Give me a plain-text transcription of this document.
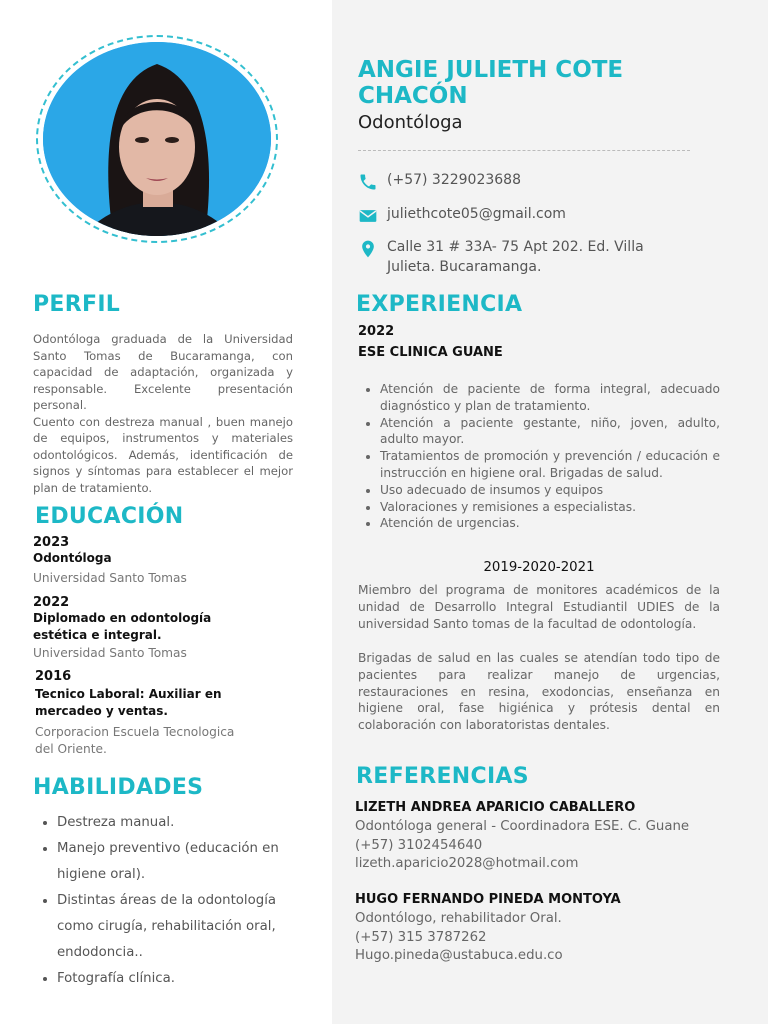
ANGIE JULIETH COTE CHACÓN
Odontóloga
(+57) 3229023688
juliethcote05@gmail.com
Calle 31 # 33A- 75 Apt 202. Ed. Villa Julieta. Bucaramanga.
PERFIL
Odontóloga graduada de la Universidad Santo Tomas de Bucaramanga, con capacidad de adaptación, organizada y responsable. Excelente presentación personal.
Cuento con destreza manual , buen manejo de equipos, instrumentos y materiales odontológicos. Además, identificación de signos y síntomas para establecer el mejor plan de tratamiento.
EDUCACIÓN
2023
Odontóloga
Universidad Santo Tomas
2022
Diplomado en odontología estética e integral.
Universidad Santo Tomas
2016
Tecnico Laboral: Auxiliar en mercadeo y ventas.
Corporacion Escuela Tecnologica del Oriente.
HABILIDADES
• Destreza manual.
• Manejo preventivo (educación en higiene oral).
• Distintas áreas de la odontología como cirugía, rehabilitación oral, endodoncia..
• Fotografía clínica.
EXPERIENCIA
2022
ESE CLINICA GUANE
• Atención de paciente de forma integral, adecuado diagnóstico y plan de tratamiento.
• Atención a paciente gestante, niño, joven, adulto, adulto mayor.
• Tratamientos de promoción y prevención / educación e instrucción en higiene oral. Brigadas de salud.
• Uso adecuado de insumos y equipos
• Valoraciones y remisiones a especialistas.
• Atención de urgencias.
2019-2020-2021
Miembro del programa de monitores académicos de la unidad de Desarrollo Integral Estudiantil UDIES de la universidad Santo tomas de la facultad de odontología.
Brigadas de salud en las cuales se atendían todo tipo de pacientes para realizar manejo de urgencias, restauraciones en resina, exodoncias, enseñanza en higiene oral, fase higiénica y prótesis dental en colaboración con laboratoristas dentales.
REFERENCIAS
LIZETH ANDREA APARICIO CABALLERO
Odontóloga general - Coordinadora ESE. C. Guane
(+57) 3102454640
lizeth.aparicio2028@hotmail.com
HUGO FERNANDO PINEDA MONTOYA
Odontólogo, rehabilitador Oral.
(+57) 315 3787262
Hugo.pineda@ustabuca.edu.co
